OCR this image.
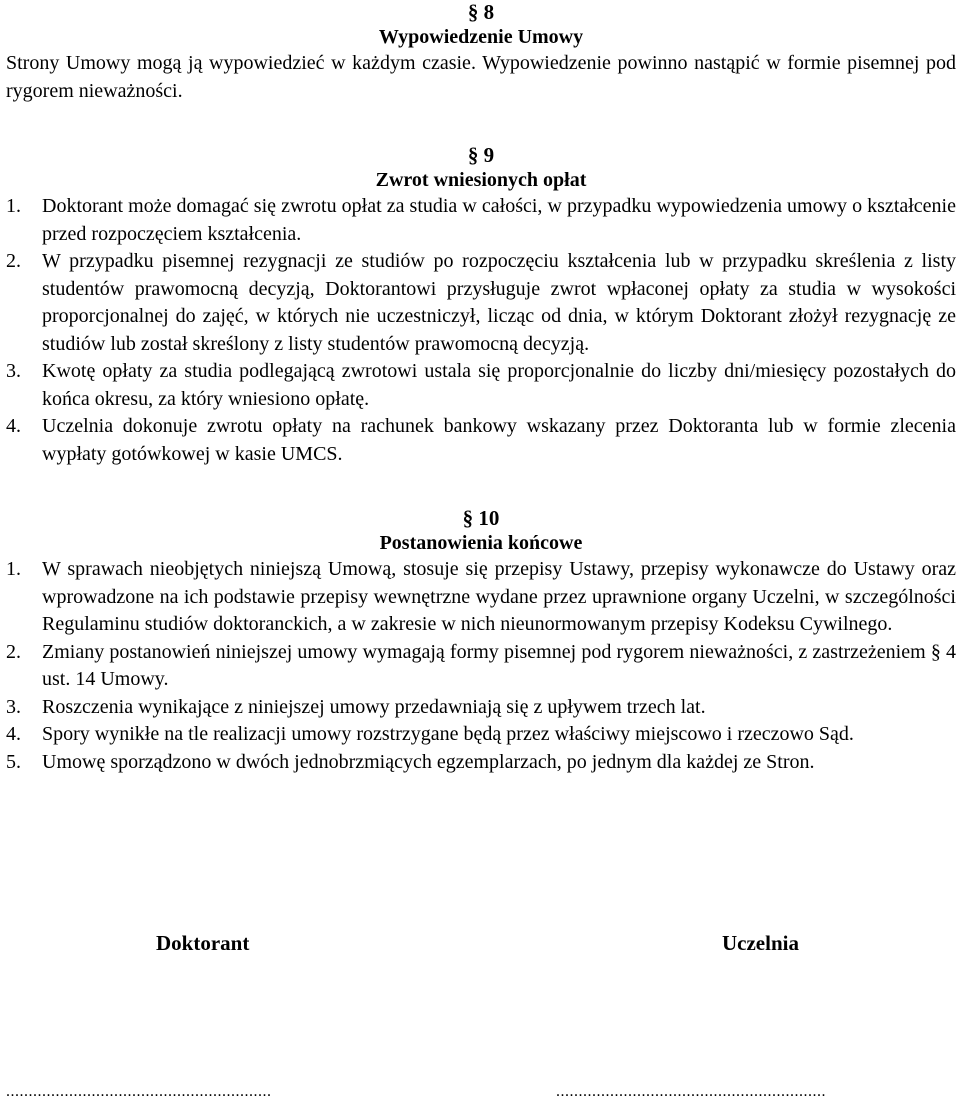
§ 8
Wypowiedzenie Umowy
Strony Umowy mogą ją wypowiedzieć w każdym czasie. Wypowiedzenie powinno nastąpić w formie pisemnej pod rygorem nieważności.
§ 9
Zwrot wniesionych opłat
1.	Doktorant może domagać się zwrotu opłat za studia w całości, w przypadku wypowiedzenia umowy o kształcenie przed rozpoczęciem kształcenia.
2.	W przypadku pisemnej rezygnacji ze studiów po rozpoczęciu kształcenia lub w przypadku skreślenia z listy studentów prawomocną decyzją, Doktorantowi przysługuje zwrot wpłaconej opłaty za studia w wysokości proporcjonalnej do zajęć, w których nie uczestniczył, licząc od dnia, w którym Doktorant złożył rezygnację ze studiów lub został skreślony z listy studentów prawomocną decyzją.
3.	Kwotę opłaty za studia podlegającą zwrotowi ustala się proporcjonalnie do liczby dni/miesięcy pozostałych do końca okresu, za który wniesiono opłatę.
4.	Uczelnia dokonuje zwrotu opłaty na rachunek bankowy wskazany przez Doktoranta lub w formie zlecenia wypłaty gotówkowej w kasie UMCS.
§ 10
Postanowienia końcowe
1.	W sprawach nieobjętych niniejszą Umową, stosuje się przepisy Ustawy, przepisy wykonawcze do Ustawy oraz wprowadzone na ich podstawie przepisy wewnętrzne wydane przez uprawnione organy Uczelni, w szczególności Regulaminu studiów doktoranckich, a w zakresie w nich nieunormowanym przepisy Kodeksu Cywilnego.
2.	Zmiany postanowień niniejszej umowy wymagają formy pisemnej pod rygorem nieważności, z zastrzeżeniem § 4 ust. 14 Umowy.
3.	Roszczenia wynikające z niniejszej umowy przedawniają się z upływem trzech lat.
4.	Spory wynikłe na tle realizacji umowy rozstrzygane będą przez właściwy miejscowo i rzeczowo Sąd.
5.	Umowę sporządzono w dwóch jednobrzmiących egzemplarzach, po jednym dla każdej ze Stron.
Doktorant	Uczelnia
...........................................................	............................................................
